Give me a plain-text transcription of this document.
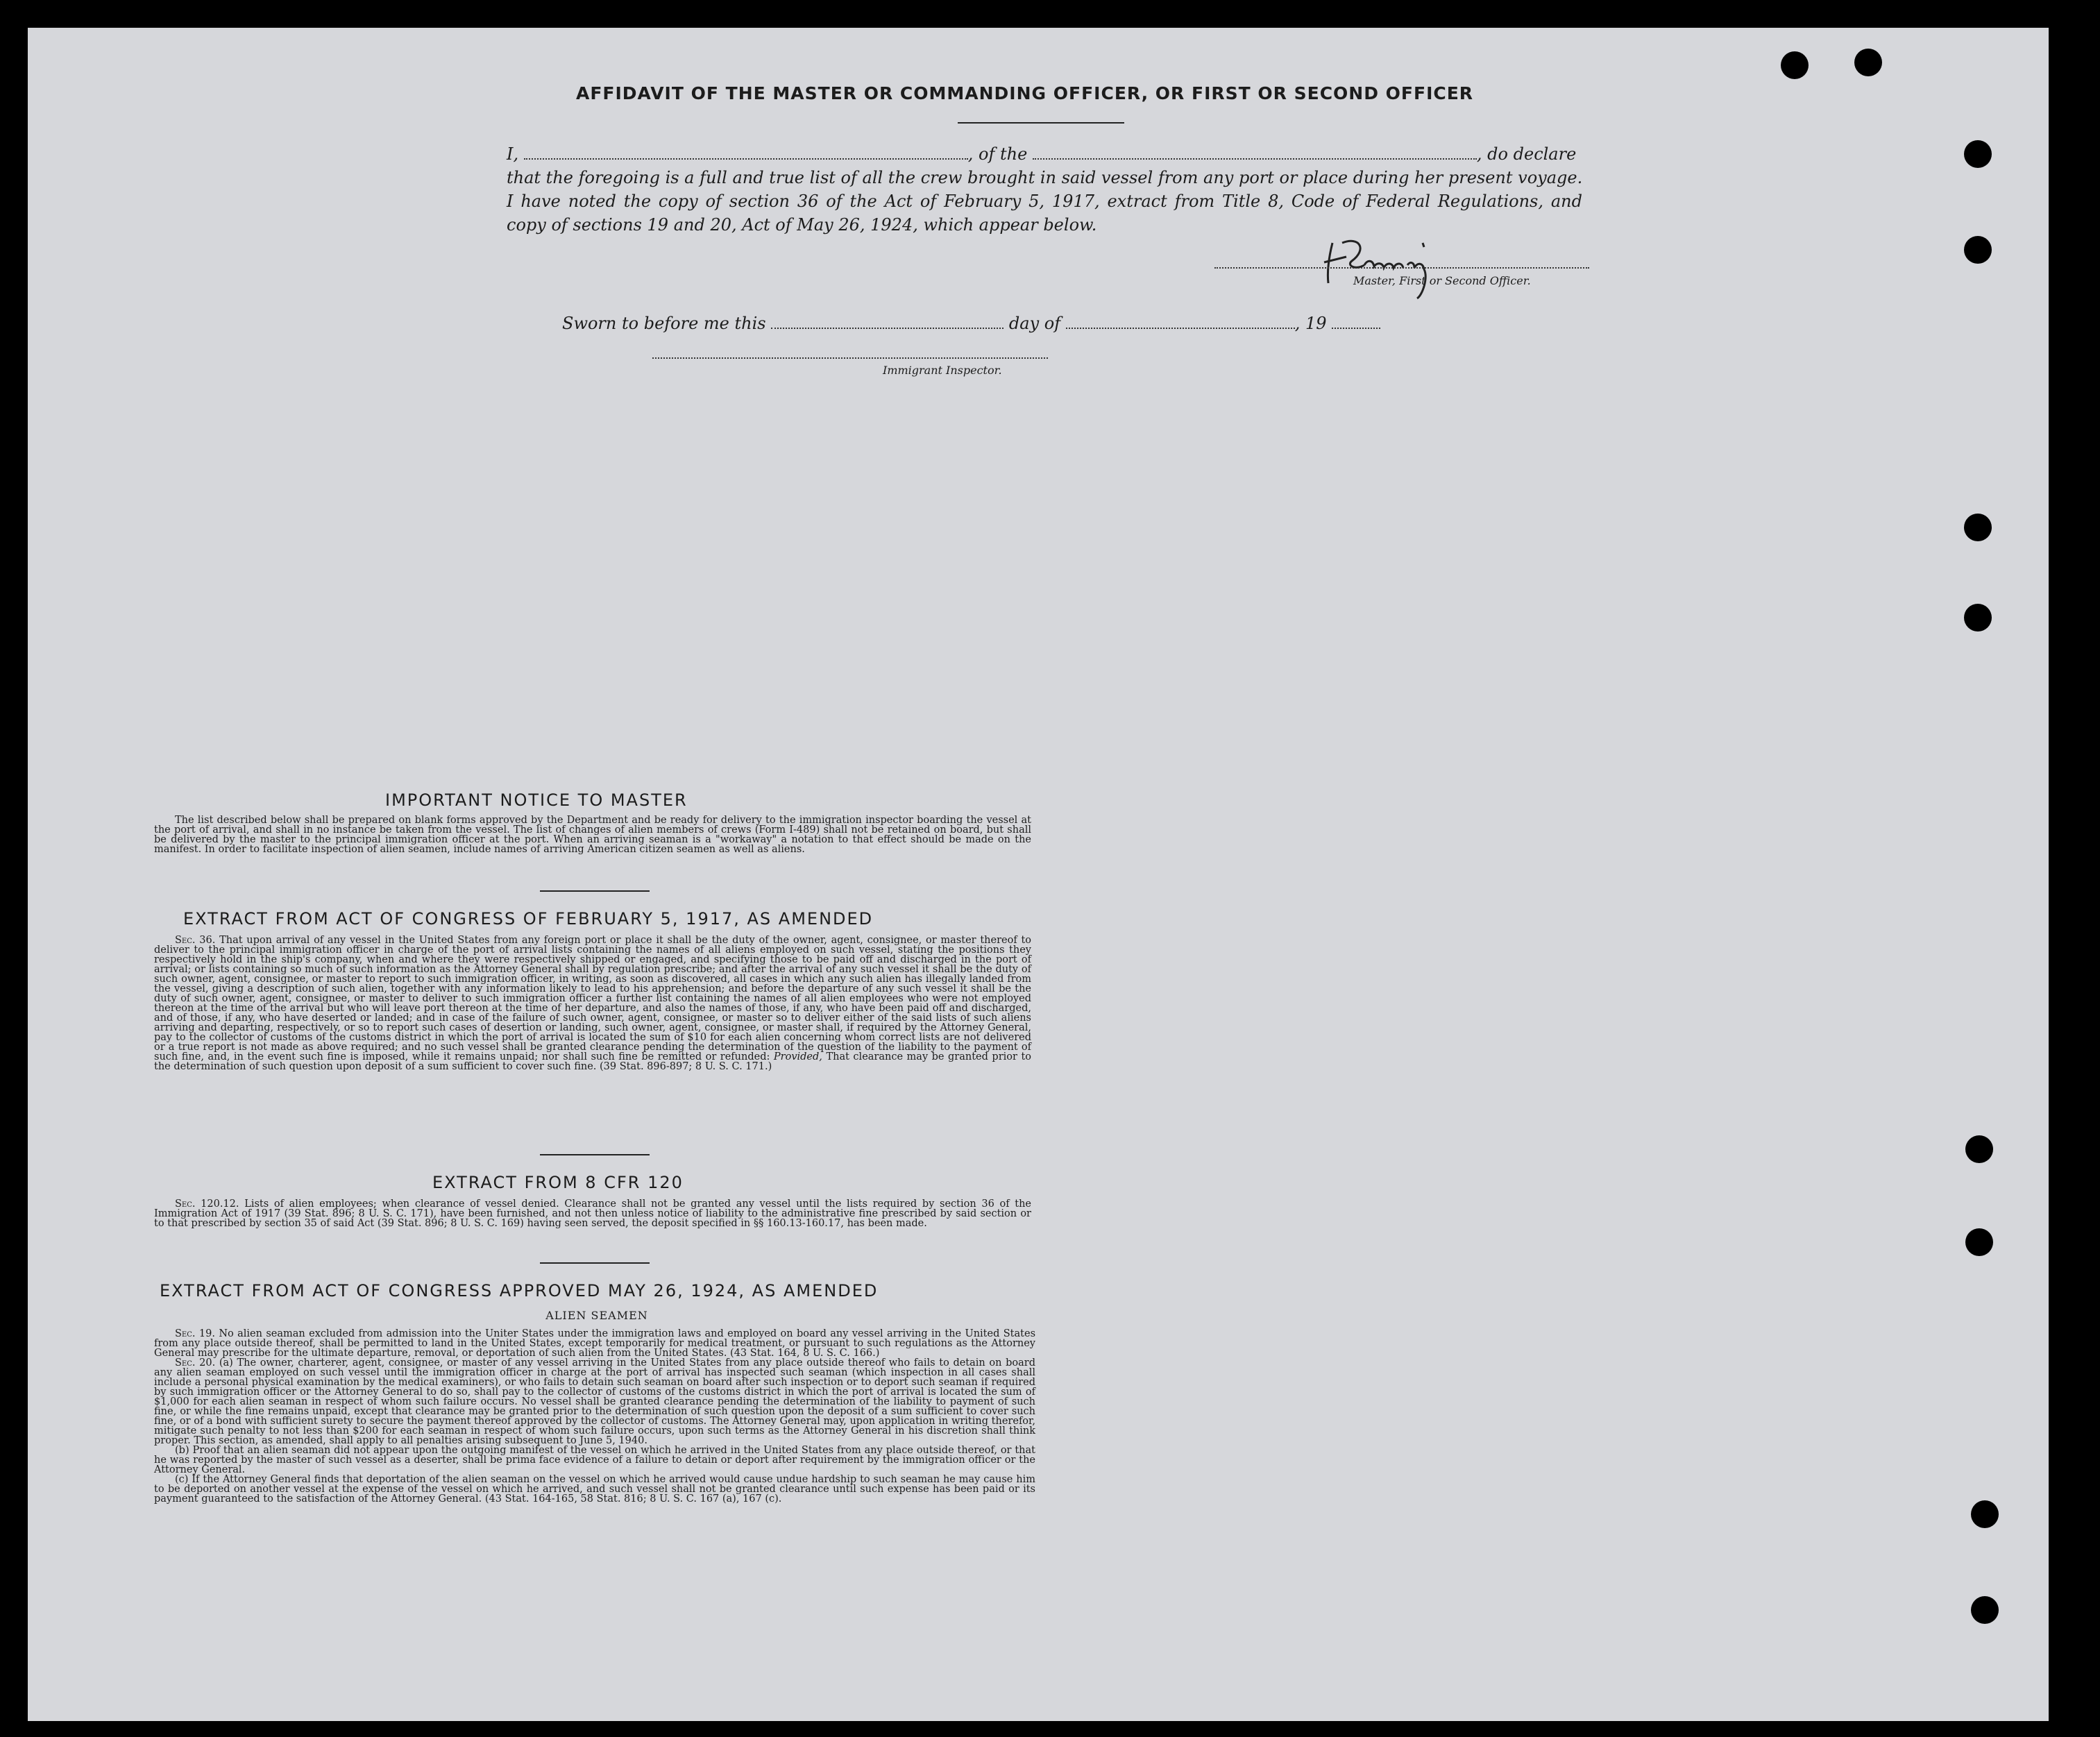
AFFIDAVIT OF THE MASTER OR COMMANDING OFFICER, OR FIRST OR SECOND OFFICER
I,	, of the	, do declare
that the foregoing is a full and true list of all the crew brought in said vessel from any port or place during her present voyage.
I have noted the copy of section 36 of the Act of February 5, 1917, extract from Title 8, Code of Federal Regulations, and
copy of sections 19 and 20, Act of May 26, 1924, which appear below.
Master, First or Second Officer.
Sworn to before me this	day of	, 19
Immigrant Inspector.
IMPORTANT NOTICE TO MASTER

The list described below shall be prepared on blank forms approved by the Department and be ready for delivery to the immigration inspector boarding the vessel at the port of arrival, and shall in no instance be taken from the vessel. The list of changes of alien members of crews (Form I-489) shall not be retained on board, but shall be delivered by the master to the principal immigration officer at the port. When an arriving seaman is a "workaway" a notation to that effect should be made on the manifest. In order to facilitate inspection of alien seamen, include names of arriving American citizen seamen as well as aliens.

EXTRACT FROM ACT OF CONGRESS OF FEBRUARY 5, 1917, AS AMENDED

Sec. 36. That upon arrival of any vessel in the United States from any foreign port or place it shall be the duty of the owner, agent, consignee, or master thereof to deliver to the principal immigration officer in charge of the port of arrival lists containing the names of all aliens employed on such vessel, stating the positions they respectively hold in the ship's company, when and where they were respectively shipped or engaged, and specifying those to be paid off and discharged in the port of arrival; or lists containing so much of such information as the Attorney General shall by regulation prescribe; and after the arrival of any such vessel it shall be the duty of such owner, agent, consignee, or master to report to such immigration officer, in writing, as soon as discovered, all cases in which any such alien has illegally landed from the vessel, giving a description of such alien, together with any information likely to lead to his apprehension; and before the departure of any such vessel it shall be the duty of such owner, agent, consignee, or master to deliver to such immigration officer a further list containing the names of all alien employees who were not employed thereon at the time of the arrival but who will leave port thereon at the time of her departure, and also the names of those, if any, who have been paid off and discharged, and of those, if any, who have deserted or landed; and in case of the failure of such owner, agent, consignee, or master so to deliver either of the said lists of such aliens arriving and departing, respectively, or so to report such cases of desertion or landing, such owner, agent, consignee, or master shall, if required by the Attorney General, pay to the collector of customs of the customs district in which the port of arrival is located the sum of $10 for each alien concerning whom correct lists are not delivered or a true report is not made as above required; and no such vessel shall be granted clearance pending the determination of the question of the liability to the payment of such fine, and, in the event such fine is imposed, while it remains unpaid; nor shall such fine be remitted or refunded: Provided, That clearance may be granted prior to the determination of such question upon deposit of a sum sufficient to cover such fine. (39 Stat. 896-897; 8 U. S. C. 171.)

EXTRACT FROM 8 CFR 120

Sec. 120.12. Lists of alien employees; when clearance of vessel denied. Clearance shall not be granted any vessel until the lists required by section 36 of the Immigration Act of 1917 (39 Stat. 896; 8 U. S. C. 171), have been furnished, and not then unless notice of liability to the administrative fine prescribed by said section or to that prescribed by section 35 of said Act (39 Stat. 896; 8 U. S. C. 169) having seen served, the deposit specified in §§ 160.13-160.17, has been made.

EXTRACT FROM ACT OF CONGRESS APPROVED MAY 26, 1924, AS AMENDED
ALIEN SEAMEN

Sec. 19. No alien seaman excluded from admission into the Uniter States under the immigration laws and employed on board any vessel arriving in the United States from any place outside thereof, shall be permitted to land in the United States, except temporarily for medical treatment, or pursuant to such regulations as the Attorney General may prescribe for the ultimate departure, removal, or deportation of such alien from the United States. (43 Stat. 164, 8 U. S. C. 166.)

Sec. 20. (a) The owner, charterer, agent, consignee, or master of any vessel arriving in the United States from any place outside thereof who fails to detain on board any alien seaman employed on such vessel until the immigration officer in charge at the port of arrival has inspected such seaman (which inspection in all cases shall include a personal physical examination by the medical examiners), or who fails to detain such seaman on board after such inspection or to deport such seaman if required by such immigration officer or the Attorney General to do so, shall pay to the collector of customs of the customs district in which the port of arrival is located the sum of $1,000 for each alien seaman in respect of whom such failure occurs. No vessel shall be granted clearance pending the determination of the liability to payment of such fine, or while the fine remains unpaid, except that clearance may be granted prior to the determination of such question upon the deposit of a sum sufficient to cover such fine, or of a bond with sufficient surety to secure the payment thereof approved by the collector of customs. The Attorney General may, upon application in writing therefor, mitigate such penalty to not less than $200 for each seaman in respect of whom such failure occurs, upon such terms as the Attorney General in his discretion shall think proper. This section, as amended, shall apply to all penalties arising subsequent to June 5, 1940.

(b) Proof that an alien seaman did not appear upon the outgoing manifest of the vessel on which he arrived in the United States from any place outside thereof, or that he was reported by the master of such vessel as a deserter, shall be prima face evidence of a failure to detain or deport after requirement by the immigration officer or the Attorney General.

(c) If the Attorney General finds that deportation of the alien seaman on the vessel on which he arrived would cause undue hardship to such seaman he may cause him to be deported on another vessel at the expense of the vessel on which he arrived, and such vessel shall not be granted clearance until such expense has been paid or its payment guaranteed to the satisfaction of the Attorney General. (43 Stat. 164-165, 58 Stat. 816; 8 U. S. C. 167 (a), 167 (c).
